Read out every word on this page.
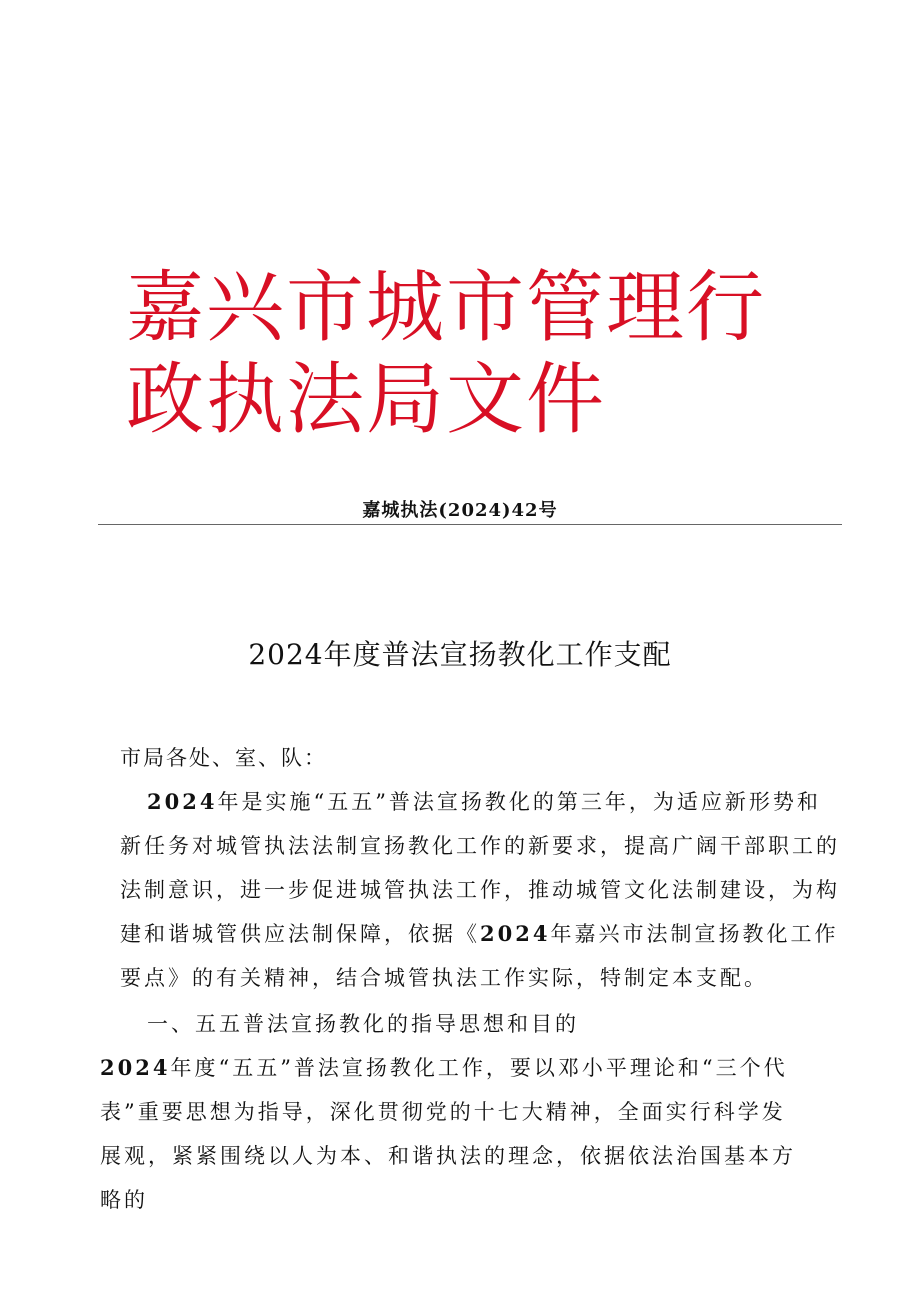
嘉兴市城市管理行政执法局文件
嘉城执法(2024)42号
2024年度普法宣扬教化工作支配

市局各处、室、队：

2024年是实施“五五”普法宣扬教化的第三年，为适应新形势和新任务对城管执法法制宣扬教化工作的新要求，提高广阔干部职工的法制意识，进一步促进城管执法工作，推动城管文化法制建设，为构建和谐城管供应法制保障，依据《2024年嘉兴市法制宣扬教化工作要点》的有关精神，结合城管执法工作实际，特制定本支配。

一、五五普法宣扬教化的指导思想和目的

2024年度“五五”普法宣扬教化工作，要以邓小平理论和“三个代表”重要思想为指导，深化贯彻党的十七大精神，全面实行科学发展观，紧紧围绕以人为本、和谐执法的理念，依据依法治国基本方略的
